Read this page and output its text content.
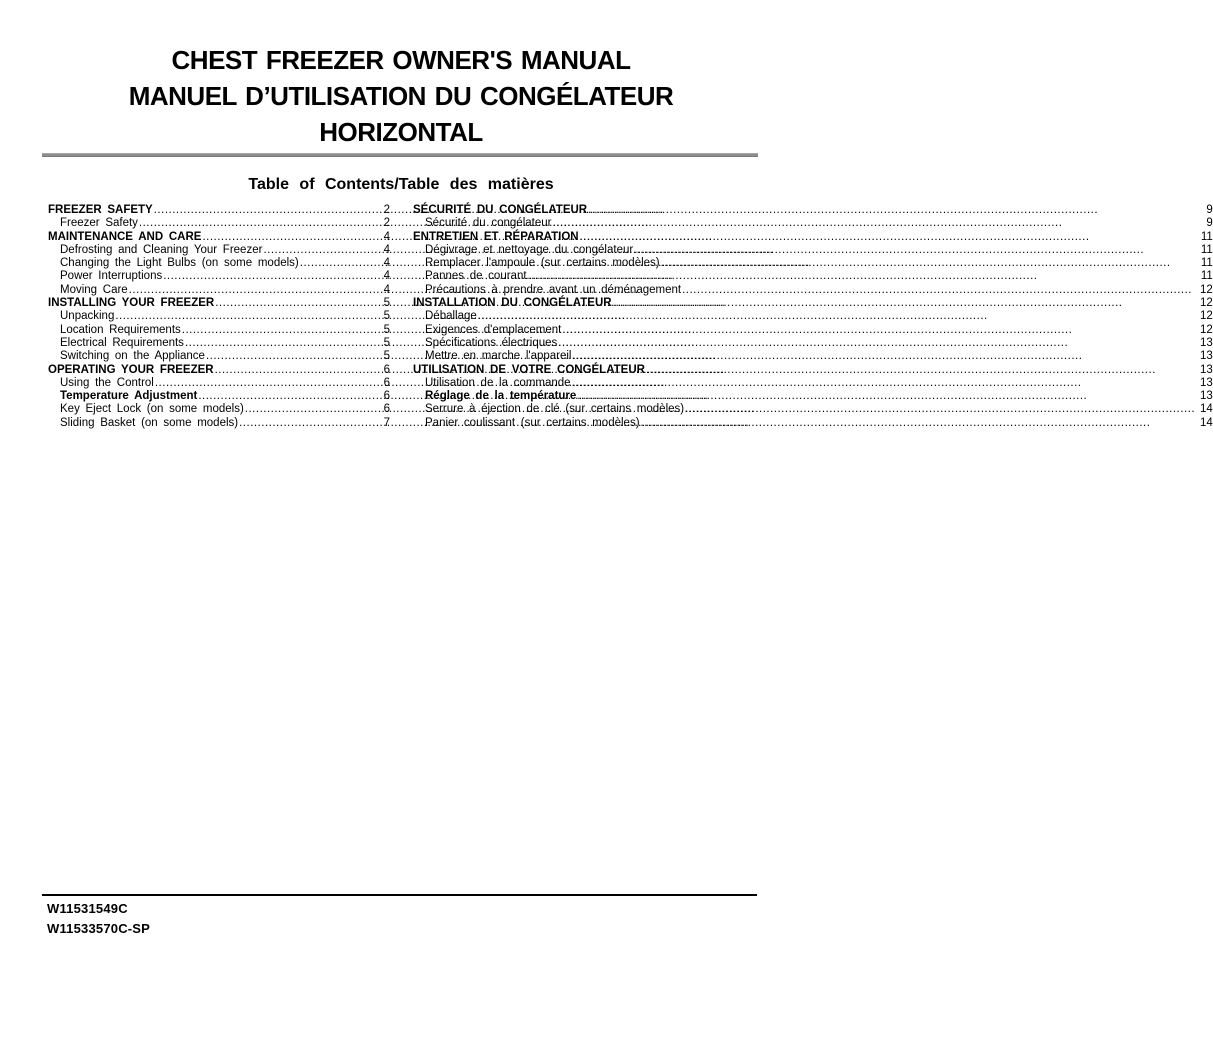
CHEST FREEZER OWNER'S MANUAL
MANUEL D’UTILISATION DU CONGÉLATEUR
HORIZONTAL
Table of Contents/Table des matières
FREEZER SAFETY .....	2
Freezer Safety .....	2
MAINTENANCE AND CARE .....	4
Defrosting and Cleaning Your Freezer .....	4
Changing the Light Bulbs (on some models) .....	4
Power Interruptions .....	4
Moving Care .....	4
INSTALLING YOUR FREEZER .....	5
Unpacking .....	5
Location Requirements .....	5
Electrical Requirements .....	5
Switching on the Appliance .....	5
OPERATING YOUR FREEZER .....	6
Using the Control .....	6
Temperature Adjustment .....	6
Key Eject Lock (on some models) .....	6
Sliding Basket (on some models) .....	7
SÉCURITÉ DU CONGÉLATEUR .....	9
Sécurité du congélateur .....	9
ENTRETIEN ET RÉPARATION .....	11
Dégivrage et nettoyage du congélateur .....	11
Remplacer l'ampoule (sur certains modèles) .....	11
Pannes de courant .....	11
Précautions à prendre avant un déménagement .....	12
INSTALLATION DU CONGÉLATEUR .....	12
Déballage .....	12
Exigences d'emplacement .....	12
Spécifications électriques .....	13
Mettre en marche l'appareil .....	13
UTILISATION DE VOTRE CONGÉLATEUR .....	13
Utilisation de la commande .....	13
Réglage de la température .....	13
Serrure à éjection de clé (sur certains modèles) .....	14
Panier coulissant (sur certains modèles) .....	14
W11531549C
W11533570C-SP
